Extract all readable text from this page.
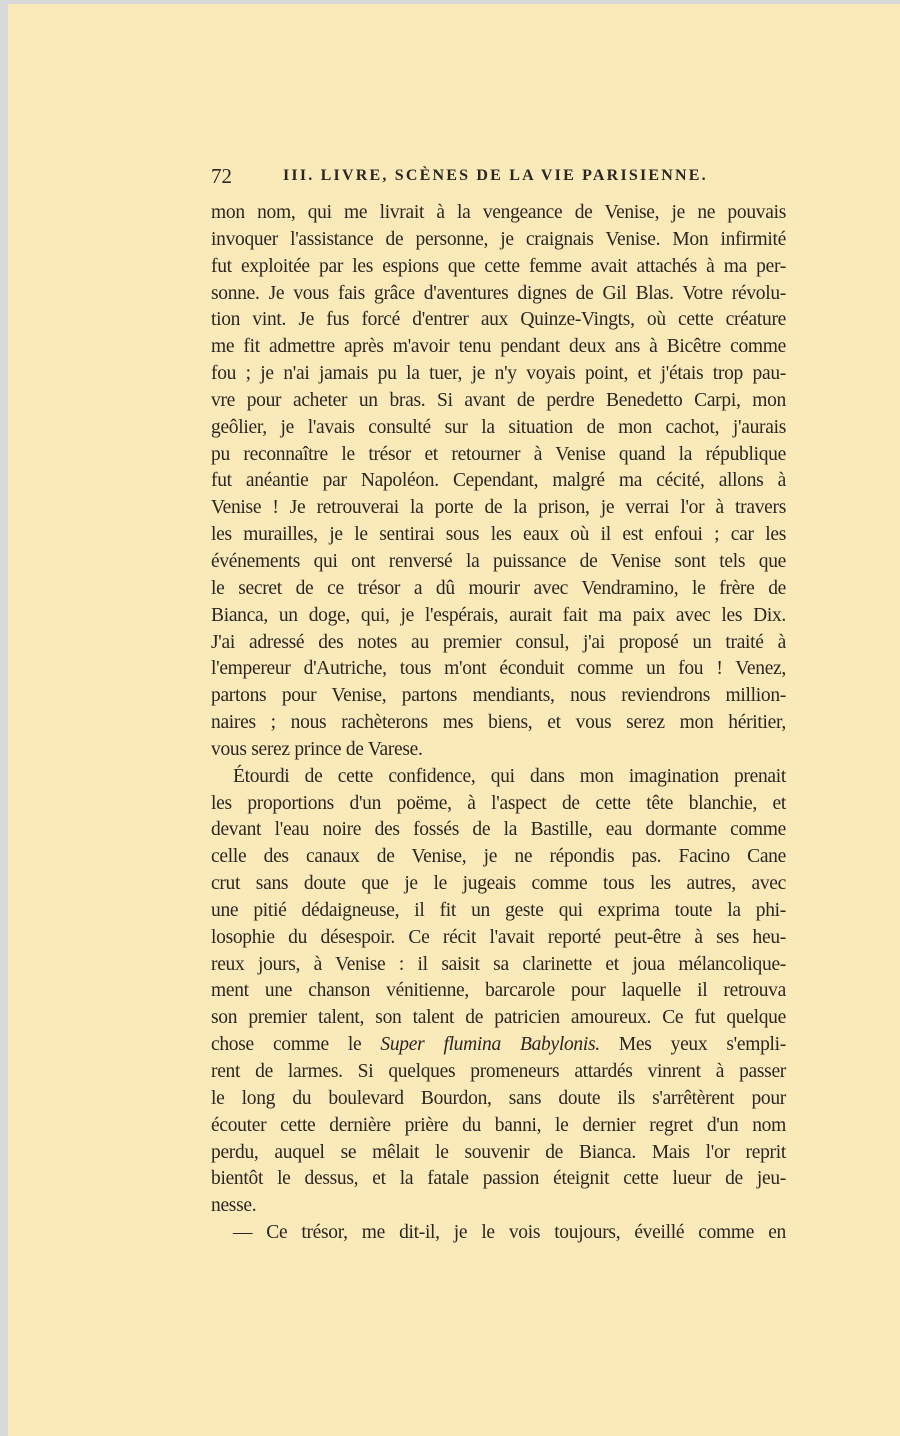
72	III. LIVRE, SCÈNES DE LA VIE PARISIENNE.
mon nom, qui me livrait à la vengeance de Venise, je ne pouvais
invoquer l'assistance de personne, je craignais Venise. Mon infirmité
fut exploitée par les espions que cette femme avait attachés à ma per-
sonne. Je vous fais grâce d'aventures dignes de Gil Blas. Votre révolu-
tion vint. Je fus forcé d'entrer aux Quinze-Vingts, où cette créature
me fit admettre après m'avoir tenu pendant deux ans à Bicêtre comme
fou ; je n'ai jamais pu la tuer, je n'y voyais point, et j'étais trop pau-
vre pour acheter un bras. Si avant de perdre Benedetto Carpi, mon
geôlier, je l'avais consulté sur la situation de mon cachot, j'aurais
pu reconnaître le trésor et retourner à Venise quand la république
fut anéantie par Napoléon. Cependant, malgré ma cécité, allons à
Venise ! Je retrouverai la porte de la prison, je verrai l'or à travers
les murailles, je le sentirai sous les eaux où il est enfoui ; car les
événements qui ont renversé la puissance de Venise sont tels que
le secret de ce trésor a dû mourir avec Vendramino, le frère de
Bianca, un doge, qui, je l'espérais, aurait fait ma paix avec les Dix.
J'ai adressé des notes au premier consul, j'ai proposé un traité à
l'empereur d'Autriche, tous m'ont éconduit comme un fou ! Venez,
partons pour Venise, partons mendiants, nous reviendrons million-
naires ; nous rachèterons mes biens, et vous serez mon héritier,
vous serez prince de Varese.
Étourdi de cette confidence, qui dans mon imagination prenait
les proportions d'un poëme, à l'aspect de cette tête blanchie, et
devant l'eau noire des fossés de la Bastille, eau dormante comme
celle des canaux de Venise, je ne répondis pas. Facino Cane
crut sans doute que je le jugeais comme tous les autres, avec
une pitié dédaigneuse, il fit un geste qui exprima toute la phi-
losophie du désespoir. Ce récit l'avait reporté peut-être à ses heu-
reux jours, à Venise : il saisit sa clarinette et joua mélancolique-
ment une chanson vénitienne, barcarole pour laquelle il retrouva
son premier talent, son talent de patricien amoureux. Ce fut quelque
chose comme le Super flumina Babylonis. Mes yeux s'empli-
rent de larmes. Si quelques promeneurs attardés vinrent à passer
le long du boulevard Bourdon, sans doute ils s'arrêtèrent pour
écouter cette dernière prière du banni, le dernier regret d'un nom
perdu, auquel se mêlait le souvenir de Bianca. Mais l'or reprit
bientôt le dessus, et la fatale passion éteignit cette lueur de jeu-
nesse.
— Ce trésor, me dit-il, je le vois toujours, éveillé comme en
